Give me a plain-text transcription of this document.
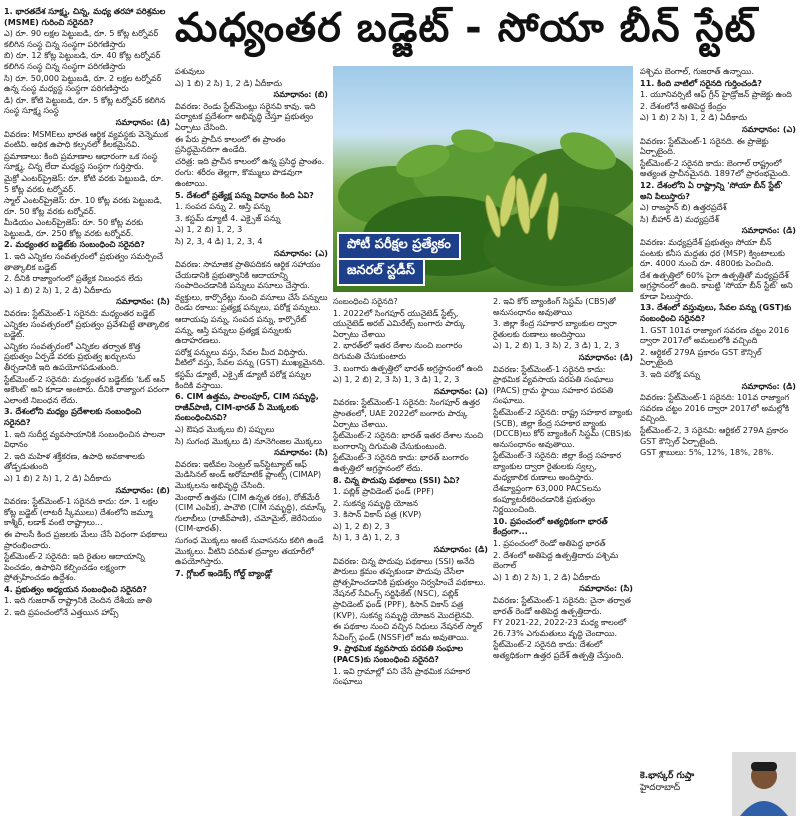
మధ్యంతర బడ్జెట్ - సోయా బీన్ స్టేట్
పోటీ పరీక్షల ప్రత్యేకం
జనరల్ స్టడీస్

1. భారతదేశ సూక్ష్మ, చిన్న, మధ్య తరహా పరిశ్రమల (MSME) గురించి సరైనది?

ఎ) రూ. 90 లక్షల పెట్టుబడి, రూ. 5 కోట్ల టర్నోవర్ కలిగిన సంస్థ చిన్న సంస్థగా పరిగణిస్తారు

బి) రూ. 12 కోట్ల పెట్టుబడి, రూ. 40 కోట్ల టర్నోవర్ కలిగిన సంస్థ చిన్న సంస్థగా పరిగణిస్తారు

సి) రూ. 50,000 పెట్టుబడి, రూ. 2 లక్షల టర్నోవర్ ఉన్న సంస్థ మధ్యస్థ సంస్థగా పరిగణిస్తారు

డి) రూ. కోటి పెట్టుబడి, రూ. 5 కోట్ల టర్నోవర్ కలిగిన సంస్థ సూక్ష్మ సంస్థ

సమాధానం: (డి)

వివరణ: MSMEలు భారత ఆర్థిక వ్యవస్థకు వెన్నెముక వంటివి. అధిక ఉపాధి కల్పనలో కీలకమైనవి.

ప్రమాణాలు: కింది ప్రమాణాల ఆధారంగా ఒక సంస్థ సూక్ష్మ, చిన్న లేదా మధ్యస్థ సంస్థగా గుర్తిస్తారు.

మైక్రో ఎంటర్‌ప్రైజెస్: రూ. కోటి వరకు పెట్టుబడి, రూ. 5 కోట్ల వరకు టర్నోవర్.

స్మాల్ ఎంటర్‌ప్రైజెస్: రూ. 10 కోట్ల వరకు పెట్టుబడి, రూ. 50 కోట్ల వరకు టర్నోవర్.

మీడియం ఎంటర్‌ప్రైజెస్: రూ. 50 కోట్ల వరకు పెట్టుబడి, రూ. 250 కోట్ల వరకు టర్నోవర్.

2. మధ్యంతర బడ్జెట్‌కు సంబంధించి సరైనది?

1. ఇది ఎన్నికల సంవత్సరంలో ప్రభుత్వం సమర్పించే తాత్కాలిక బడ్జెట్

2. దీనికి రాజ్యాంగంలో ప్రత్యేక నిబంధన లేదు

ఎ) 1 బి) 2 సి) 1, 2 డి) ఏదీకాదు

సమాధానం: (సి)

వివరణ: స్టేట్‌మెంట్-1 సరైనది: మధ్యంతర బడ్జెట్ ఎన్నికల సంవత్సరంలో ప్రభుత్వం ప్రవేశపెట్టే తాత్కాలిక బడ్జెట్.

ఎన్నికల సంవత్సరంలో ఎన్నికల తర్వాత కొత్త ప్రభుత్వం ఏర్పడే వరకు ప్రభుత్వ ఖర్చులను తీర్చడానికి ఇది ఉపయోగపడుతుంది.

స్టేట్‌మెంట్-2 సరైనది: మధ్యంతర బడ్జెట్‌కు 'ఓట్ ఆన్ అకౌంట్' అని కూడా అంటారు. దీనికి రాజ్యాంగ పరంగా ఎలాంటి నిబంధన లేదు.

3. దేశంలోని మధ్యం ప్రదేశాలకు సంబంధించి సరైనది?

1. ఇది సుదీర్ఘ వ్యవసాయానికి సంబంధించిన పాలనా విధానం

2. ఇది మహిళ శక్తీకరణ, ఉపాధి అవకాశాలకు తోడ్పడుతుంది

ఎ) 1 బి) 2 సి) 1, 2 డి) ఏదీకాదు

సమాధానం: (బి)

వివరణ: స్టేట్‌మెంట్-1 సరైనది కాదు: రూ. 1 లక్షల కోట్ల బడ్జెట్ (లాటరీ స్కీములు) దేశంలోని జమ్మూ కాశ్మీర్, లడాక్ వంటి రాష్ట్రాలు...

ఈ పాలసీ కింద ప్రజలకు మేలు చేసే విధంగా పథకాలు ప్రారంభించారు.

స్టేట్‌మెంట్-2 సరైనది: ఇది రైతుల ఆదాయాన్ని పెంచడం, ఉపాధిని కల్పించడం లక్ష్యంగా ప్రోత్సహించడం ఉద్దేశం.

4. ప్రభుత్వం అధ్యయన సంబంధించి సరైనది?

1. ఇది గుజరాత్ రాష్ట్రానికి చెందిన దేశీయ జాతి

2. ఇది ప్రపంచంలోనే ఎత్తయిన హాప్స్

పశువులు

ఎ) 1 బి) 2 సి) 1, 2 డి) ఏదీకాదు

సమాధానం: (బి)

వివరణ: రెండు స్టేట్‌మెంట్లు సరైనవి కావు. ఇది పర్యాటక ప్రదేశంగా అభివృద్ధి చేస్తూ ప్రభుత్వం ఏర్పాటు చేసింది.

ఈ పేరు ప్రాచీన కాలంలో ఈ ప్రాంతం ప్రసిద్ధమైనదిగా ఉండేది.

చరిత్ర: ఇది ప్రాచీన కాలంలో ఉన్న ప్రసిద్ధ ప్రాంతం.

రంగు: శరీరం తెల్లగా, కొమ్ములు పొడవుగా ఉంటాయి.

5. దేశంలో ప్రత్యేక్ష పన్ను విధానం కింది ఏవి?

1. సంపద పన్ను 2. ఆస్తి పన్ను

3. కస్టమ్ డ్యూటీ 4. ఎక్సైజ్ పన్ను

ఎ) 1, 2 బి) 1, 2, 3

సి) 2, 3, 4 డి) 1, 2, 3, 4

సమాధానం: (ఎ)

వివరణ: సామాజిక ప్రాతిపదికన ఆర్థిక సహాయం చేయడానికి ప్రభుత్వానికి ఆదాయాన్ని సంపాదించడానికి పన్నులు వసూలు చేస్తారు.

వ్యక్తులు, కార్పొరేట్లు నుంచి వసూలు చేసే పన్నులు రెండు రకాలు: ప్రత్యక్ష పన్నులు, పరోక్ష పన్నులు.

ఆదాయపు పన్ను, సంపద పన్ను, కార్పొరేట్ పన్ను, ఆస్తి పన్నులు ప్రత్యక్ష పన్నులకు ఉదాహరణలు.

పరోక్ష పన్నులు వస్తు, సేవల మీద విధిస్తారు. వీటిలో వస్తు, సేవల పన్ను (GST) ముఖ్యమైనది.

కస్టమ్ డ్యూటీ, ఎక్సైజ్ డ్యూటీ పరోక్ష పన్నుల కిందికి వస్తాయి.

6. CIM ఉత్తమ, పాలంపూర్, CIM సమృద్ధి, రాజీవ్‌పాణి, CIM-భారత్ వీ మొక్కలకు సంబంధించినవి?

ఎ) ఔషధ మొక్కలు బి) పప్పులు

సి) సుగంధ మొక్కలు డి) నూనెగింజల మొక్కలు

సమాధానం: (సి)

వివరణ: ఇటీవల సెంట్రల్ ఇన్‌స్టిట్యూట్ ఆఫ్ మెడిసినల్ అండ్ అరోమాటిక్ ప్లాంట్స్ (CIMAP) మొక్కలను అభివృద్ధి చేసింది.

మెంథాల్ ఉత్తమ (CIM ఉన్నత రకం), రోజ్‌మేరీ (CIM ఎంపిక), పాచౌలి (CIM సమృద్ధి), దమాస్క్ గులాబీలు (రాజీవ్‌పాణి), చమోమైల్, జెరేనియం (CIM-భారత్).

సుగంధ మొక్కలు అంటే సువాసనను కలిగి ఉండే మొక్కలు. వీటిని పరిమళ ద్రవ్యాల తయారీలో ఉపయోగిస్తారు.

7. గ్లోబల్ ఇండెక్స్ గోల్డ్ బ్యాండ్లో

సంబంధించి సరైనది?

1. 2022లో సింగపూర్ యునైటెడ్ స్టేట్స్, యునైటెడ్ అరబ్ ఎమిరేట్స్ బంగారు పార్కు ఏర్పాటు చేశాయి

2. భారత్‌లో ఇతర దేశాల నుంచి బంగారం దిగుమతి చేసుకుంటారు

3. బంగారు ఉత్పత్తిలో భారత్ అగ్రస్థానంలో ఉంది

ఎ) 1, 2 బి) 2, 3 సి) 1, 3 డి) 1, 2, 3

సమాధానం: (ఎ)

వివరణ: స్టేట్‌మెంట్-1 సరైనది: సింగపూర్ ఉత్తర ప్రాంతంలో, UAE 2022లో బంగారు పార్కు ఏర్పాటు చేశాయి.

స్టేట్‌మెంట్-2 సరైనది: భారత్ ఇతర దేశాల నుంచి బంగారాన్ని దిగుమతి చేసుకుంటుంది.

స్టేట్‌మెంట్-3 సరైనది కాదు: భారత్ బంగారం ఉత్పత్తిలో అగ్రస్థానంలో లేదు.

8. చిన్న పొదుపు పథకాలు (SSI) ఏవి?

1. పబ్లిక్ ప్రావిడెంట్ ఫండ్ (PPF)

2. సుకన్య సమృద్ధి యోజన

3. కిసాన్ వికాస్ పత్ర (KVP)

ఎ) 1, 2 బి) 2, 3

సి) 1, 3 డి) 1, 2, 3

సమాధానం: (డి)

వివరణ: చిన్న పొదుపు పథకాలు (SSI) అనేది పౌరులు క్రమం తప్పకుండా పొదుపు చేసేలా ప్రోత్సహించడానికి ప్రభుత్వం నిర్వహించే పథకాలు.

నేషనల్ సేవింగ్స్ సర్టిఫికేట్ (NSC), పబ్లిక్ ప్రావిడెంట్ ఫండ్ (PPF), కిసాన్ వికాస్ పత్ర (KVP), సుకన్య సమృద్ధి యోజన మొదలైనవి.

ఈ పథకాల నుంచి వచ్చిన నిధులు నేషనల్ స్మాల్ సేవింగ్స్ ఫండ్ (NSSF)లో జమ అవుతాయి.

9. ప్రాథమిక వ్యవసాయ పరపతి సంఘాల (PACS)కు సంబంధించి సరైనది?

1. ఇవి గ్రామాల్లో పని చేసే ప్రాథమిక సహకార సంఘాలు

2. ఇవి కోర్ బ్యాంకింగ్ సిస్టమ్ (CBS)తో అనుసంధానం అవుతాయి

3. జిల్లా కేంద్ర సహకార బ్యాంకుల ద్వారా రైతులకు రుణాలు అందిస్తాయి

ఎ) 1, 2 బి) 1, 3 సి) 2, 3 డి) 1, 2, 3

సమాధానం: (డి)

వివరణ: స్టేట్‌మెంట్-1 సరైనది కాదు: ప్రాథమిక వ్యవసాయ పరపతి సంఘాలు (PACS) గ్రామ స్థాయి సహకార పరపతి సంఘాలు.

స్టేట్‌మెంట్-2 సరైనది: రాష్ట్ర సహకార బ్యాంకు (SCB), జిల్లా కేంద్ర సహకార బ్యాంకు (DCCB)లు కోర్ బ్యాంకింగ్ సిస్టమ్ (CBS)కు అనుసంధానం అవుతాయి.

స్టేట్‌మెంట్-3 సరైనది: జిల్లా కేంద్ర సహకార బ్యాంకుల ద్వారా రైతులకు స్వల్ప, మధ్యకాలిక రుణాలు అందిస్తారు.

దేశవ్యాప్తంగా 63,000 PACSలను కంప్యూటరీకరించడానికి ప్రభుత్వం నిర్ణయించింది.

10. ప్రపంచంలో అత్యధికంగా భారత్ కేంద్రంగా...

1. ప్రపంచంలో రెండో అతిపెద్ద భారత్

2. దేశంలో అతిపెద్ద ఉత్పత్తిదారు పశ్చిమ బెంగాల్

ఎ) 1 బి) 2 సి) 1, 2 డి) ఏదీకాదు

సమాధానం: (సి)

వివరణ: స్టేట్‌మెంట్-1 సరైనది: చైనా తర్వాత భారత్ రెండో అతిపెద్ద ఉత్పత్తిదారు.

FY 2021-22, 2022-23 మధ్య కాలంలో 26.73% ఎగుమతులు వృద్ధి చెందాయి.

స్టేట్‌మెంట్-2 సరైనది కాదు: దేశంలో అత్యధికంగా ఉత్తర ప్రదేశ్ ఉత్పత్తి చేస్తుంది.

పశ్చిమ బెంగాల్, గుజరాత్ ఉన్నాయి.

11. కింది వాటిలో సరైనది గుర్తించండి?

1. యూనివర్సిటీ ఆఫ్ గ్రీన్ హైడ్రోజన్ ప్రాజెక్టు ఉంది

2. దేశంలోనే అతిపెద్ద కేంద్రం

ఎ) 1 బి) 2 సి) 1, 2 డి) ఏదీకాదు

సమాధానం: (ఎ)

వివరణ: స్టేట్‌మెంట్-1 సరైనది. ఈ ప్రాజెక్టు ఏర్పాటైంది.

స్టేట్‌మెంట్-2 సరైనది కాదు: బెంగాల్ రాష్ట్రంలో అత్యంత ప్రాచీనమైనది. 1897లో ప్రారంభమైంది.

12. దేశంలోని ఏ రాష్ట్రాన్ని 'సోయా బీన్ స్టేట్' అని పిలుస్తారు?

ఎ) రాజస్థాన్ బి) ఉత్తరప్రదేశ్

సి) బీహార్ డి) మధ్యప్రదేశ్

సమాధానం: (డి)

వివరణ: మధ్యప్రదేశ్ ప్రభుత్వం సోయా బీన్ పంటకు కనీస మద్దతు ధర (MSP) క్వింటాలుకు రూ. 4000 నుంచి రూ. 4800కు పెంచింది.

దేశ ఉత్పత్తిలో 60% పైగా ఉత్పత్తితో మధ్యప్రదేశ్ అగ్రస్థానంలో ఉంది. కాబట్టి 'సోయా బీన్ స్టేట్' అని కూడా పిలుస్తారు.

13. దేశంలో వస్తువులు, సేవల పన్ను (GST)కు సంబంధించి సరైనది?

1. GST 101వ రాజ్యాంగ సవరణ చట్టం 2016 ద్వారా 2017లో అమలులోకి వచ్చింది

2. ఆర్టికల్ 279A ప్రకారం GST కౌన్సిల్ ఏర్పాటైంది

3. ఇది పరోక్ష పన్ను

సమాధానం: (డి)

వివరణ: స్టేట్‌మెంట్-1 సరైనది: 101వ రాజ్యాంగ సవరణ చట్టం 2016 ద్వారా 2017లో అమల్లోకి వచ్చింది.

స్టేట్‌మెంట్-2, 3 సరైనవి: ఆర్టికల్ 279A ప్రకారం GST కౌన్సిల్ ఏర్పాటైంది.

GST శ్లాబులు: 5%, 12%, 18%, 28%.

కె.భాస్కర్ గుప్తా
హైదరాబాద్
